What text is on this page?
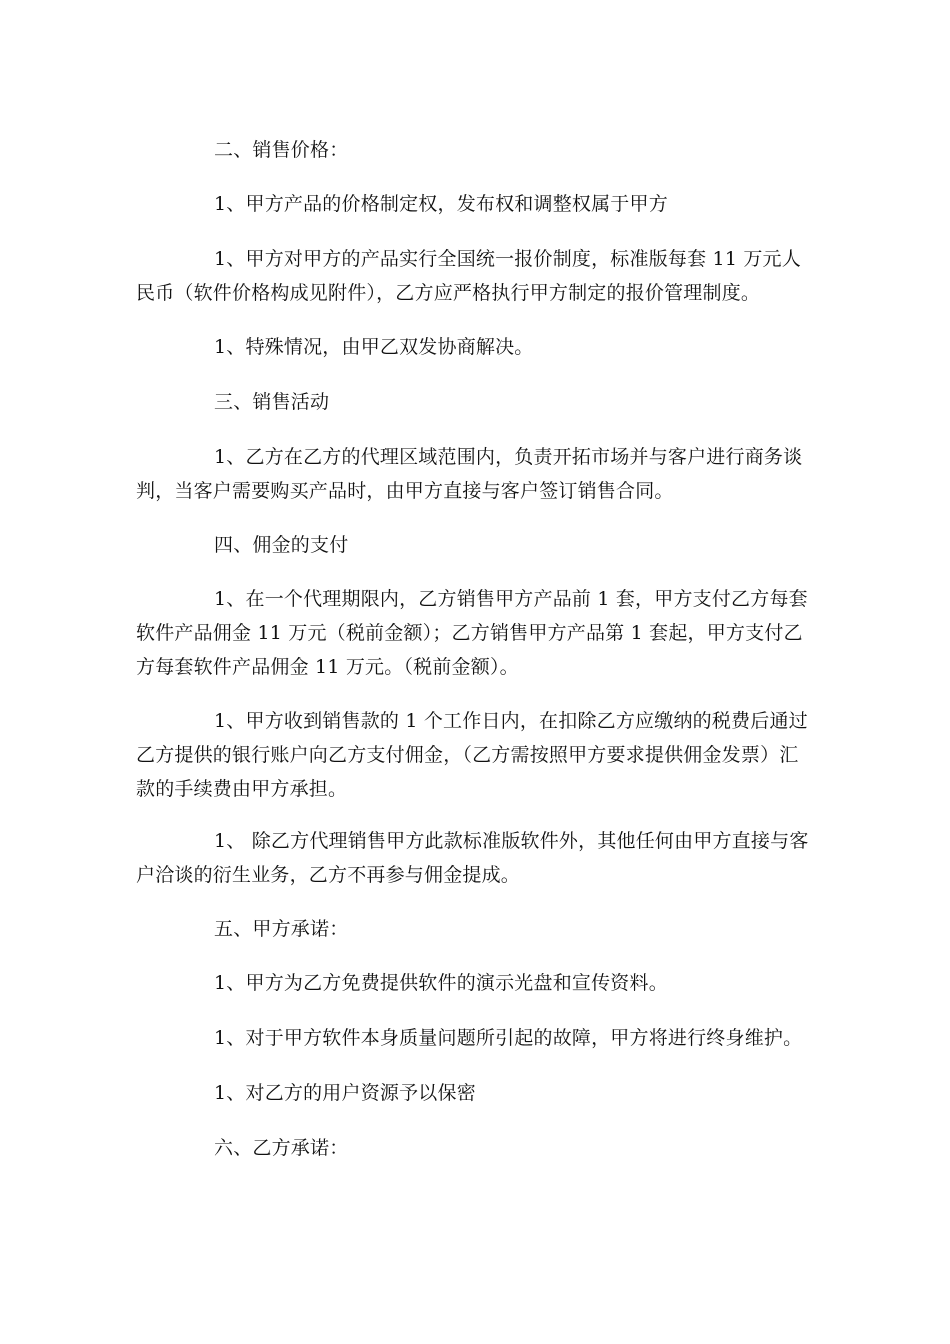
二、销售价格：

1、甲方产品的价格制定权，发布权和调整权属于甲方

1、甲方对甲方的产品实行全国统一报价制度，标准版每套 11 万元人民币（软件价格构成见附件），乙方应严格执行甲方制定的报价管理制度。

1、特殊情况，由甲乙双发协商解决。

三、销售活动

1、乙方在乙方的代理区域范围内，负责开拓市场并与客户进行商务谈判，当客户需要购买产品时，由甲方直接与客户签订销售合同。

四、佣金的支付

1、在一个代理期限内，乙方销售甲方产品前 1 套，甲方支付乙方每套软件产品佣金 11 万元（税前金额）；乙方销售甲方产品第 1 套起，甲方支付乙方每套软件产品佣金 11 万元。（税前金额）。

1、甲方收到销售款的 1 个工作日内，在扣除乙方应缴纳的税费后通过乙方提供的银行账户向乙方支付佣金，（乙方需按照甲方要求提供佣金发票）汇款的手续费由甲方承担。

1、 除乙方代理销售甲方此款标准版软件外，其他任何由甲方直接与客户洽谈的衍生业务，乙方不再参与佣金提成。

五、甲方承诺：

1、甲方为乙方免费提供软件的演示光盘和宣传资料。

1、对于甲方软件本身质量问题所引起的故障，甲方将进行终身维护。

1、对乙方的用户资源予以保密

六、乙方承诺：
